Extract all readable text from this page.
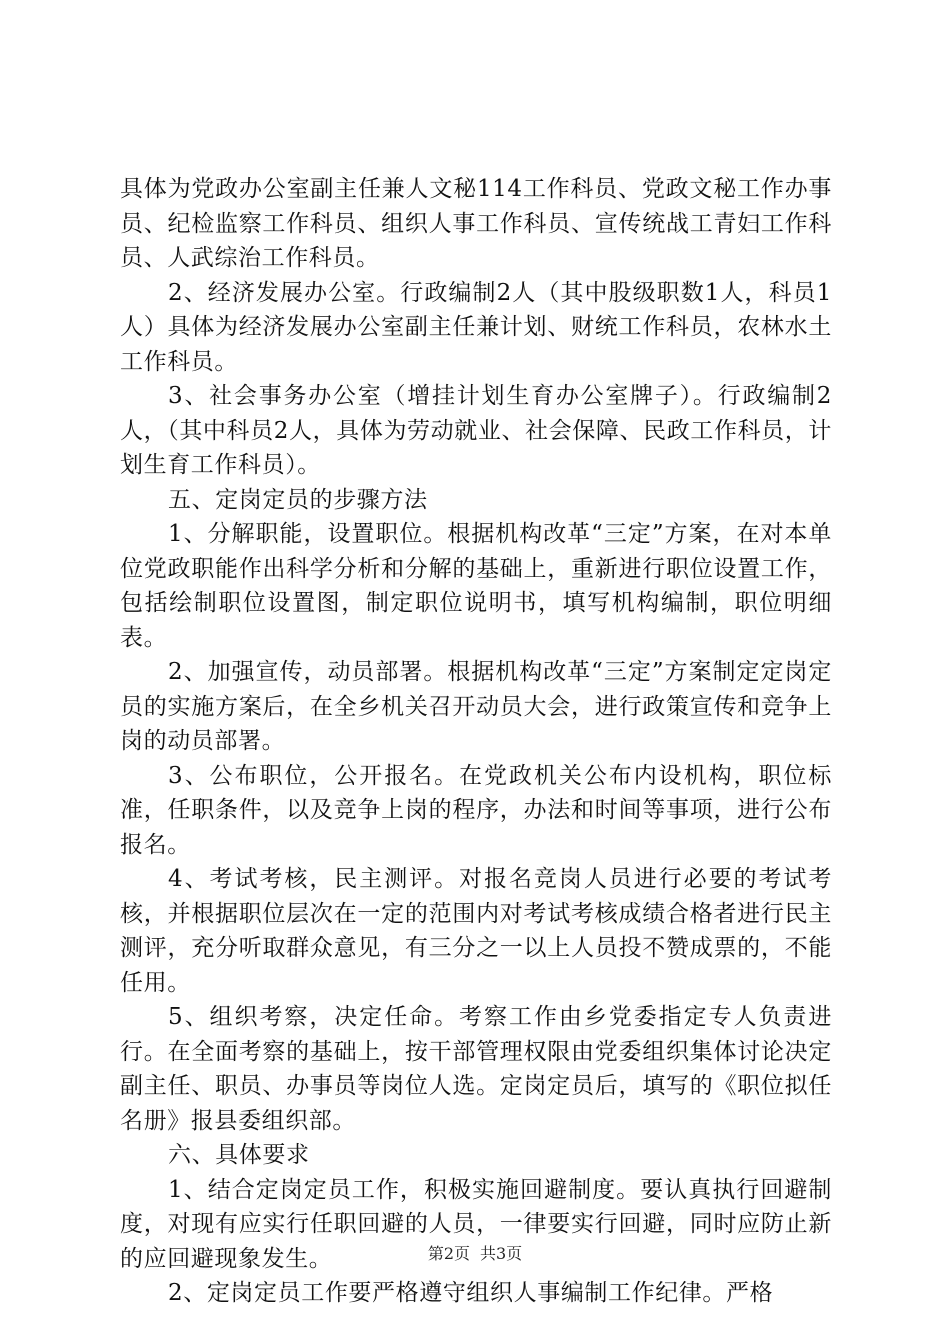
具体为党政办公室副主任兼人文秘114工作科员、党政文秘工作办事员、纪检监察工作科员、组织人事工作科员、宣传统战工青妇工作科员、人武综治工作科员。

2、经济发展办公室。行政编制2人（其中股级职数1人，科员1人）具体为经济发展办公室副主任兼计划、财统工作科员，农林水土工作科员。

3、社会事务办公室（增挂计划生育办公室牌子）。行政编制2人，（其中科员2人，具体为劳动就业、社会保障、民政工作科员，计划生育工作科员）。

五、定岗定员的步骤方法

1、分解职能，设置职位。根据机构改革“三定”方案，在对本单位党政职能作出科学分析和分解的基础上，重新进行职位设置工作，包括绘制职位设置图，制定职位说明书，填写机构编制，职位明细表。

2、加强宣传，动员部署。根据机构改革“三定”方案制定定岗定员的实施方案后，在全乡机关召开动员大会，进行政策宣传和竞争上岗的动员部署。

3、公布职位，公开报名。在党政机关公布内设机构，职位标准，任职条件，以及竞争上岗的程序，办法和时间等事项，进行公布报名。

4、考试考核，民主测评。对报名竞岗人员进行必要的考试考核，并根据职位层次在一定的范围内对考试考核成绩合格者进行民主测评，充分听取群众意见，有三分之一以上人员投不赞成票的，不能任用。

5、组织考察，决定任命。考察工作由乡党委指定专人负责进行。在全面考察的基础上，按干部管理权限由党委组织集体讨论决定副主任、职员、办事员等岗位人选。定岗定员后，填写的《职位拟任名册》报县委组织部。

六、具体要求

1、结合定岗定员工作，积极实施回避制度。要认真执行回避制度，对现有应实行任职回避的人员，一律要实行回避，同时应防止新的应回避现象发生。

2、定岗定员工作要严格遵守组织人事编制工作纪律。严格

第2页 共3页
